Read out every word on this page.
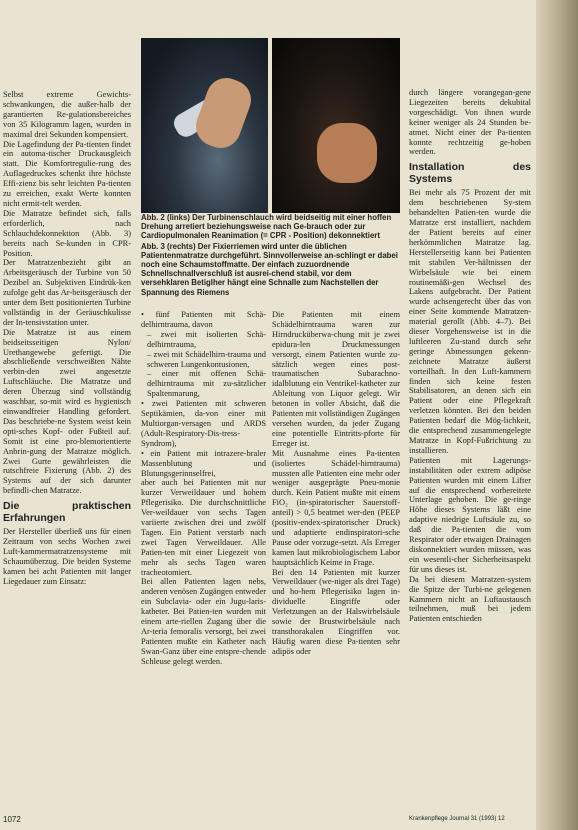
Abb. 2 (links) Der Turbinenschlauch wird beidseitig mit einer hoffen Drehung arretiert beziehungsweise nach Ge-brauch oder zur Cardiopulmonalen Reanimation (= CPR - Position) dekonnektiert

Abb. 3 (rechts) Der Fixierriemen wird unter die üblichen Patientenmatratze durchgeführt. Sinnvollerweise an-schlingt er dabei noch eine Schaumstoffmatte. Der einfach zuzuordnende Schnellschnallverschluß ist ausrei-chend stabil, vor dem versehklaren Betiglher hängt eine Schnalle zum Nachstellen der Spannung des Riemens

Selbst extreme Gewichts-schwankungen, die außer-halb der garantierten Re-gulationsbereiches von 35 Kilogramm lagen, wurden in maximal drei Sekunden kompensiert.

Die Lagefindung der Pa-tienten findet ein automa-tischer Druckausgleich statt. Die Komfortregulie-rung des Auflagedruckes schenkt ihre höchste Effi-zienz bis sehr leichten Pa-tienten zu erreichen, exakt Werte konnten nicht ermit-telt werden.

Die Matratze befindet sich, falls erforderlich, nach Schlauchdekonnektion (Abb. 3) bereits nach Se-kunden in CPR-Position.

Der Matratzenbezieht gibt an Arbeitsgeräusch der Turbine von 50 Dezibel an. Subjektiven Eindrük-ken zufolge geht das Ar-beitsgeräusch der unter dem Bett positionierten Turbine vollständig in der Geräuschkulisse der In-tensivstation unter.

Die Matratze ist aus einem beidseitsseitigen Nylon/ Urethangewebe gefertigt. Die abschließende verschweißten Nähte verbin-den zwei angesetzte Luftschläuche. Die Matratze und deren Überzug sind vollständig waschbar, so-mit wird es hygienisch einwandfreier Handling gefordert. Das beschriebe-ne System weist kein opti-sches Kopf- oder Fußteil auf. Somit ist eine pro-blemorientierte Anbrin-gung der Matratze möglich. Zwei Gurte gewährleisten die rutschfreie Fixierung (Abb. 2) des Systems auf der sich darunter befindli-chen Matratze.

Die praktischen Erfahrungen

Der Hersteller überließ uns für einen Zeitraum von sechs Wochen zwei Luft-kammermatratzensysteme mit Schaumüberzug. Die beiden Systeme kamen bei acht Patienten mit langer Liegedauer zum Einsatz:

• fünf Patienten mit Schä-delhirntrauma, davon
– zwei mit isolierten Schä-delhirntrauma,
– zwei mit Schädelhirn-trauma und schweren Lungenkontusionen,
– einer mit offenen Schä-delhirntrauma mit zu-sätzlicher Spaltenmarung,
• zwei Patienten mit schweren Septikämien, da-von einer mit Multiorgan-versagen und ARDS (Adult-Respiratory-Dis-tress-Syndrom),
• ein Patient mit intrazere-braler Massenblutung und Blutungsgerinnselfrei,

aber auch bei Patienten mit nur kurzer Verweildauer und hohem Pflegerisiko. Die durchschnittliche Ver-weildauer von sechs Tagen variierte zwischen drei und zwölf Tagen. Ein Patient verstarb nach zwei Tagen Verweildauer. Alle Patien-ten mit einer Liegezeit von mehr als sechs Tagen waren tracheotomiert.

Bei allen Patienten lagen nebs, anderen venösen Zugängen entweder ein Subclavia- oder ein Jugu-laris-katheter. Bei Patien-ten wurden mit einem arte-riellen Zugang über die Ar-teria femoralis versorgt, bei zwei Patienten mußte ein Katheter nach Swan-Ganz über eine entspre-chende Schleuse gelegt werden.

Die Patienten mit einem Schädelhirntrauma waren zur Hirndrucküberwa-chung mit je zwei epidura-len Druckmessungen versorgt, einem Patienten wurde zu-sätzlich wegen eines post-traumatischen Subarachno-idalblutung ein Ventrikel-katheter zur Ableitung von Liquor gelegt. Wir betonen in voller Absicht, daß die Patienten mit vollständigen Zugängen versehen wurden, da jeder Zugang eine potentielle Eintritts-pforte für Erreger ist.

Mit Ausnahme eines Pa-tienten (isoliertes Schädel-hirntrauma) mussten alle Patienten eine mehr oder weniger ausgeprägte Pneu-monie durch. Kein Patient mußte mit einem FiO₂ (in-spiratorischer Sauerstoff-anteil) > 0,5 beatmet wer-den (PEEP (positiv-endex-spiratorischer Druck) und adaptierte endinspiratori-sche Pause oder vorzuge-setzt. Als Erreger kamen laut mikrobiologischem Labor hauptsächlich Keime in Frage.

Bei den 14 Patienten mit kurzer Verweildauer (we-niger als drei Tage) und ho-hem Pflegerisiko lagen in-dividuelle Eingriffe oder Verletzungen an der Halswirbelsäule sowie der Brustwirbelsäule nach transthorakalen Eingriffen vor. Häufig waren diese Pa-tienten sehr adipös oder

durch längere vorangegan-gene Liegezeiten bereits dekubital vorgeschädigt. Von ihnen wurde keiner weniger als 24 Stunden be-atmet. Nicht einer der Pa-tienten konnte rechtzeitig ge-hoben werden.

Installation des Systems

Bei mehr als 75 Prozent der mit dem beschriebenen Sy-stem behandelten Patien-ten wurde die Matratze erst installiert, nachdem der Patient bereits auf einer herkömmlichen Matratze lag. Herstellerseitig kann bei Patienten mit stabilen Ver-hältnissen der Wirbelsäule wie bei einem routinemäßi-gen Wechsel des Lakens aufgebracht. Der Patient wurde achsengerecht über das von einer Seite kommende Matratzen-material gerollt (Abb. 4–7). Bei dieser Vorgehensweise ist in die luftleeren Zu-stand durch sehr geringe Abmessungen gekenn-zeichnete Matratze äußerst vorteilhaft. In den Luft-kammern finden sich keine festen Stabilisatoren, an denen sich ein Patient oder eine Pflegekraft verletzen könnten. Bei den beiden Patienten bedarf die Mög-lichkeit, die entsprechend zusammengelegte Matratze in Kopf-Fußrichtung zu installieren.

Patienten mit Lagerungs-instabilitäten oder extrem adipöse Patienten wurden mit einem Lifter auf die entsprechend vorbereitete Unterlage gehoben. Die ge-ringe Höhe dieses Systems läßt eine adaptive niedrige Luftsäule zu, so daß die Pa-tienten die vom Respirator oder etwaigen Drainagen diskonnektiert wurden müssen, was ein wesentli-cher Sicherheitsaspekt für uns dieses ist.

Da bei diesem Matratzen-system die Spitze der Turbi-ne gelegenen Kammern nicht an Luftaustausch teilnehmen, muß bei jedem Patienten entschieden

1072	Krankenpflege Journal 31 (1993) 12
